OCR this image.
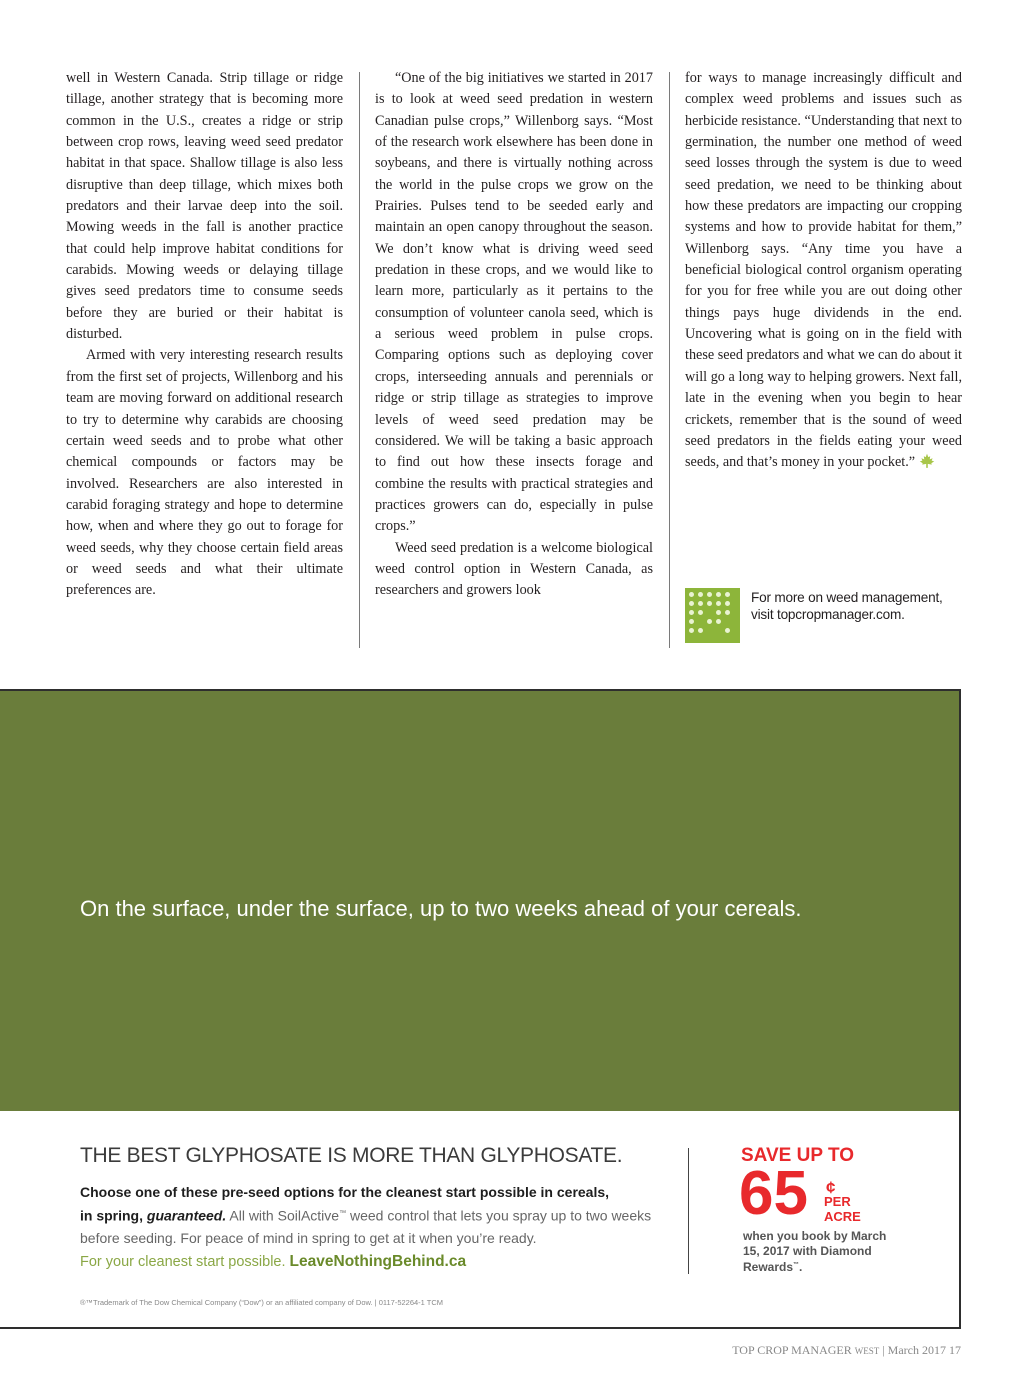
well in Western Canada. Strip tillage or ridge tillage, another strategy that is becoming more common in the U.S., creates a ridge or strip between crop rows, leaving weed seed predator habitat in that space. Shallow tillage is also less disruptive than deep tillage, which mixes both predators and their larvae deep into the soil. Mowing weeds in the fall is another practice that could help improve habitat conditions for carabids. Mowing weeds or delaying tillage gives seed predators time to consume seeds before they are buried or their habitat is disturbed.

Armed with very interesting research results from the first set of projects, Willenborg and his team are moving forward on additional research to try to determine why carabids are choosing certain weed seeds and to probe what other chemical compounds or factors may be involved. Researchers are also interested in carabid foraging strategy and hope to determine how, when and where they go out to forage for weed seeds, why they choose certain field areas or weed seeds and what their ultimate preferences are.

“One of the big initiatives we started in 2017 is to look at weed seed predation in western Canadian pulse crops,” Willenborg says. “Most of the research work elsewhere has been done in soybeans, and there is virtually nothing across the world in the pulse crops we grow on the Prairies. Pulses tend to be seeded early and maintain an open canopy throughout the season. We don’t know what is driving weed seed predation in these crops, and we would like to learn more, particularly as it pertains to the consumption of volunteer canola seed, which is a serious weed problem in pulse crops. Comparing options such as deploying cover crops, interseeding annuals and perennials or ridge or strip tillage as strategies to improve levels of weed seed predation may be considered. We will be taking a basic approach to find out how these insects forage and combine the results with practical strategies and practices growers can do, especially in pulse crops.”

Weed seed predation is a welcome biological weed control option in Western Canada, as researchers and growers look

for ways to manage increasingly difficult and complex weed problems and issues such as herbicide resistance. “Understanding that next to germination, the number one method of weed seed losses through the system is due to weed seed predation, we need to be thinking about how these predators are impacting our cropping systems and how to provide habitat for them,” Willenborg says. “Any time you have a beneficial biological control organism operating for you for free while you are out doing other things pays huge dividends in the end. Uncovering what is going on in the field with these seed predators and what we can do about it will go a long way to helping growers. Next fall, late in the evening when you begin to hear crickets, remember that is the sound of weed seed predators in the fields eating your weed seeds, and that’s money in your pocket.”

For more on weed management,
visit topcropmanager.com.
On the surface, under the surface, up to two weeks ahead of your cereals.
THE BEST GLYPHOSATE IS MORE THAN GLYPHOSATE.
Choose one of these pre-seed options for the cleanest start possible in cereals,
in spring, guaranteed. All with SoilActive™ weed control that lets you spray up to two weeks before seeding. For peace of mind in spring to get at it when you’re ready.
For your cleanest start possible. LeaveNothingBehind.ca
®™Trademark of The Dow Chemical Company (“Dow”) or an affiliated company of Dow. | 0117-52264-1 TCM
SAVE UP TO
65 ¢
PER
ACRE
when you book by March 15, 2017 with Diamond Rewards™.
TOP CROP MANAGER WEST | March 2017 17
